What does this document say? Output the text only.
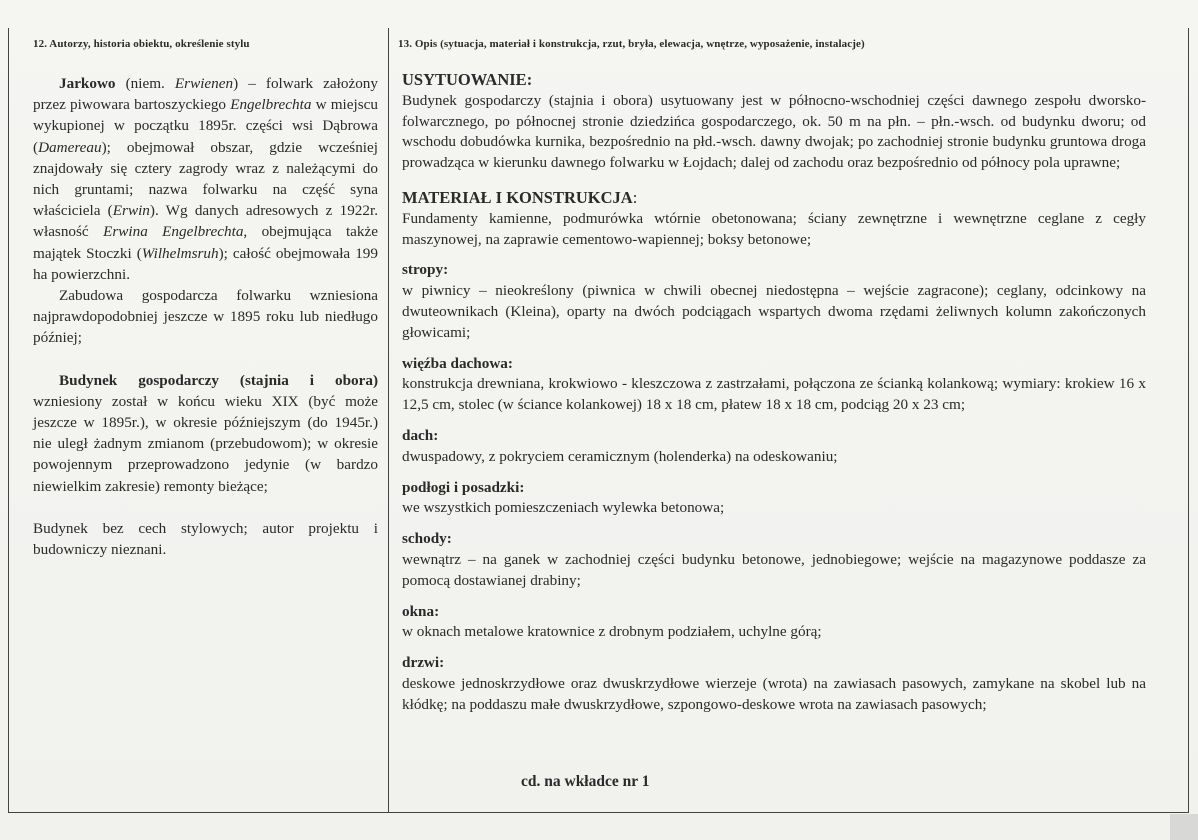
12. Autorzy, historia obiektu, określenie stylu	13. Opis (sytuacja, materiał i konstrukcja, rzut, bryła, elewacja, wnętrze, wyposażenie, instalacje)

Jarkowo (niem. Erwienen) – folwark założony przez piwowara bartoszyckiego Engelbrechta w miejscu wykupionej w początku 1895r. części wsi Dąbrowa (Damereau); obejmował obszar, gdzie wcześniej znajdowały się cztery zagrody wraz z należącymi do nich gruntami; nazwa folwarku na część syna właściciela (Erwin). Wg danych adresowych z 1922r. własność Erwina Engelbrechta, obejmująca także majątek Stoczki (Wilhelmsruh); całość obejmowała 199 ha powierzchni.

Zabudowa gospodarcza folwarku wzniesiona najprawdopodobniej jeszcze w 1895 roku lub niedługo później;

Budynek gospodarczy (stajnia i obora) wzniesiony został w końcu wieku XIX (być może jeszcze w 1895r.), w okresie późniejszym (do 1945r.) nie uległ żadnym zmianom (przebudowom); w okresie powojennym przeprowadzono jedynie (w bardzo niewielkim zakresie) remonty bieżące;

Budynek bez cech stylowych; autor projektu i budowniczy nieznani.

USYTUOWANIE:

Budynek gospodarczy (stajnia i obora) usytuowany jest w północno-wschodniej części dawnego zespołu dworsko-folwarcznego, po północnej stronie dziedzińca gospodarczego, ok. 50 m na płn. – płn.-wsch. od budynku dworu; od wschodu dobudówka kurnika, bezpośrednio na płd.-wsch. dawny dwojak; po zachodniej stronie budynku gruntowa droga prowadząca w kierunku dawnego folwarku w Łojdach; dalej od zachodu oraz bezpośrednio od północy pola uprawne;

MATERIAŁ I KONSTRUKCJA:

Fundamenty kamienne, podmurówka wtórnie obetonowana; ściany zewnętrzne i wewnętrzne ceglane z cegły maszynowej, na zaprawie cementowo-wapiennej; boksy betonowe;

stropy:

w piwnicy – nieokreślony (piwnica w chwili obecnej niedostępna – wejście zagracone); ceglany, odcinkowy na dwuteownikach (Kleina), oparty na dwóch podciągach wspartych dwoma rzędami żeliwnych kolumn zakończonych głowicami;

więźba dachowa:

konstrukcja drewniana, krokwiowo - kleszczowa z zastrzałami, połączona ze ścianką kolankową; wymiary: krokiew 16 x 12,5 cm, stolec (w ściance kolankowej) 18 x 18 cm, płatew 18 x 18 cm, podciąg 20 x 23 cm;

dach:

dwuspadowy, z pokryciem ceramicznym (holenderka) na odeskowaniu;

podłogi i posadzki:

we wszystkich pomieszczeniach wylewka betonowa;

schody:

wewnątrz – na ganek w zachodniej części budynku betonowe, jednobiegowe; wejście na magazynowe poddasze za pomocą dostawianej drabiny;

okna:

w oknach metalowe kratownice z drobnym podziałem, uchylne górą;

drzwi:

deskowe jednoskrzydłowe oraz dwuskrzydłowe wierzeje (wrota) na zawiasach pasowych, zamykane na skobel lub na kłódkę; na poddaszu małe dwuskrzydłowe, szpongowo-deskowe wrota na zawiasach pasowych;

cd. na wkładce nr 1
